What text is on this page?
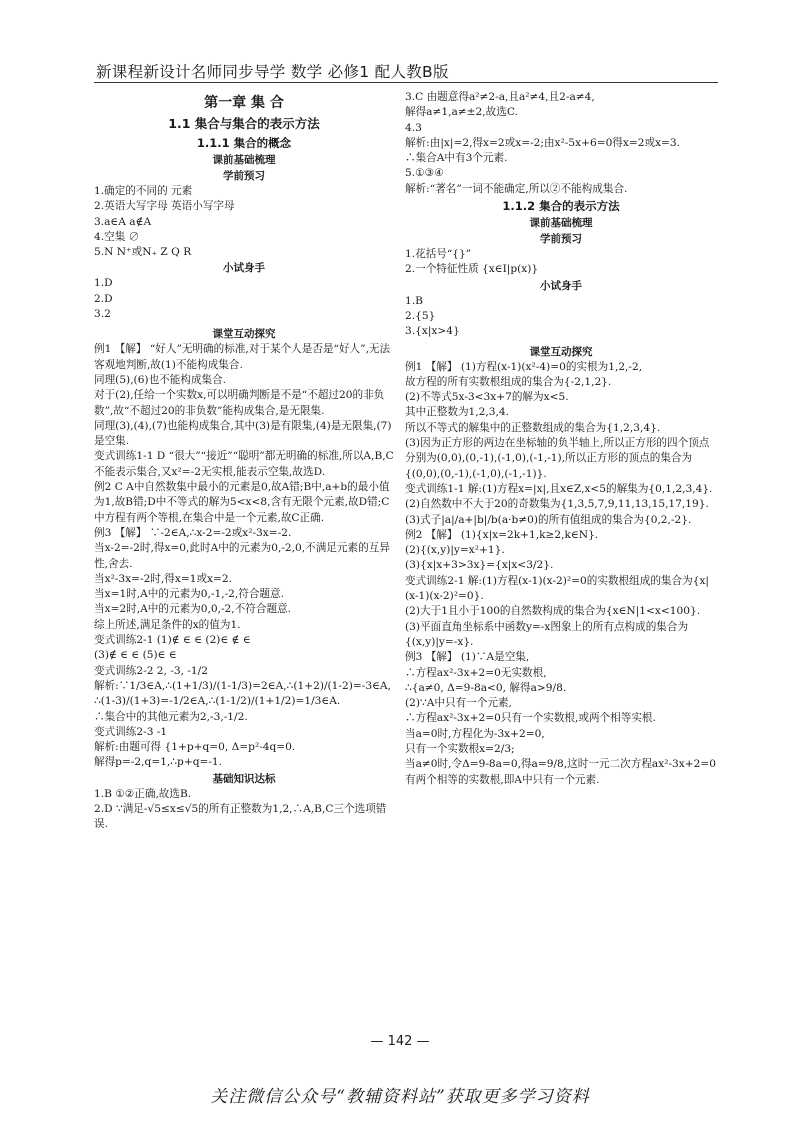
新课程新设计名师同步导学 数学 必修1 配人教B版
第一章 集 合
1.1 集合与集合的表示方法
1.1.1 集合的概念
课前基础梳理
学前预习
1.确定的不同的 元素
2.英语大写字母 英语小写字母
3.a∈A a∉A
4.空集 ∅
5.N N⁺或N₊ Z Q R
小试身手
1.D
2.D
3.2
课堂互动探究
例1 【解】 “好人”无明确的标准,对于某个人是否是“好人”,无法客观地判断,故(1)不能构成集合.
同理(5),(6)也不能构成集合.
对于(2),任给一个实数x,可以明确判断是不是“不超过20的非负数”,故“不超过20的非负数”能构成集合,是无限集.
同理(3),(4),(7)也能构成集合,其中(3)是有限集,(4)是无限集,(7)是空集.
变式训练1-1 D “很大”“接近”“聪明”都无明确的标准,所以A,B,C不能表示集合,又x²=-2无实根,能表示空集,故选D.
例2 C A中自然数集中最小的元素是0,故A错;B中,a+b的最小值为1,故B错;D中不等式的解为5<x<8,含有无限个元素,故D错;C中方程有两个等根,在集合中是一个元素,故C正确.
例3 【解】 ∵-2∈A,∴x-2=-2或x²-3x=-2.
当x-2=-2时,得x=0,此时A中的元素为0,-2,0,不满足元素的互异性,舍去.
当x²-3x=-2时,得x=1或x=2.
当x=1时,A中的元素为0,-1,-2,符合题意.
当x=2时,A中的元素为0,0,-2,不符合题意.
综上所述,满足条件的x的值为1.
变式训练2-1 (1)∉ ∈ ∈ (2)∈ ∉ ∈
(3)∉ ∈ ∈ (5)∈ ∈
变式训练2-2 2, -3, -1/2
解析:∵1/3∈A,∴(1+1/3)/(1-1/3)=2∈A,∴(1+2)/(1-2)=-3∈A,
∴(1-3)/(1+3)=-1/2∈A,∴(1-1/2)/(1+1/2)=1/3∈A.
∴集合中的其他元素为2,-3,-1/2.
变式训练2-3 -1
解析:由题可得 {1+p+q=0, Δ=p²-4q=0.
解得p=-2,q=1,∴p+q=-1.
基础知识达标
1.B ①②正确,故选B.
2.D ∵满足-√5≤x≤√5的所有正整数为1,2,∴A,B,C三个选项错误.
3.C 由题意得a²≠2-a,且a²≠4,且2-a≠4,
解得a≠1,a≠±2,故选C.
4.3
解析:由|x|=2,得x=2或x=-2;由x²-5x+6=0得x=2或x=3.
∴集合A中有3个元素.
5.①③④
解析:“著名”一词不能确定,所以②不能构成集合.
1.1.2 集合的表示方法
课前基础梳理
学前预习
1.花括号“{}”
2.一个特征性质 {x∈I|p(x)}
小试身手
1.B
2.{5}
3.{x|x>4}
课堂互动探究
例1 【解】 (1)方程(x-1)(x²-4)=0的实根为1,2,-2,
故方程的所有实数根组成的集合为{-2,1,2}.
(2)不等式5x-3<3x+7的解为x<5.
其中正整数为1,2,3,4.
所以不等式的解集中的正整数组成的集合为{1,2,3,4}.
(3)因为正方形的两边在坐标轴的负半轴上,所以正方形的四个顶点分别为(0,0),(0,-1),(-1,0),(-1,-1),所以正方形的顶点的集合为{(0,0),(0,-1),(-1,0),(-1,-1)}.
变式训练1-1 解:(1)方程x=|x|,且x∈Z,x<5的解集为{0,1,2,3,4}.
(2)自然数中不大于20的奇数集为{1,3,5,7,9,11,13,15,17,19}.
(3)式子|a|/a+|b|/b(a·b≠0)的所有值组成的集合为{0,2,-2}.
例2 【解】 (1){x|x=2k+1,k≥2,k∈N}.
(2){(x,y)|y=x²+1}.
(3){x|x+3>3x}={x|x<3/2}.
变式训练2-1 解:(1)方程(x-1)(x-2)²=0的实数根组成的集合为{x|(x-1)(x-2)²=0}.
(2)大于1且小于100的自然数构成的集合为{x∈N|1<x<100}.
(3)平面直角坐标系中函数y=-x图象上的所有点构成的集合为{(x,y)|y=-x}.
例3 【解】 (1)∵A是空集,
∴方程ax²-3x+2=0无实数根,
∴{a≠0, Δ=9-8a<0, 解得a>9/8.
(2)∵A中只有一个元素,
∴方程ax²-3x+2=0只有一个实数根,或两个相等实根.
当a=0时,方程化为-3x+2=0,
只有一个实数根x=2/3;
当a≠0时,令Δ=9-8a=0,得a=9/8,这时一元二次方程ax²-3x+2=0有两个相等的实数根,即A中只有一个元素.
— 142 —
关注微信公众号“教辅资料站”获取更多学习资料
